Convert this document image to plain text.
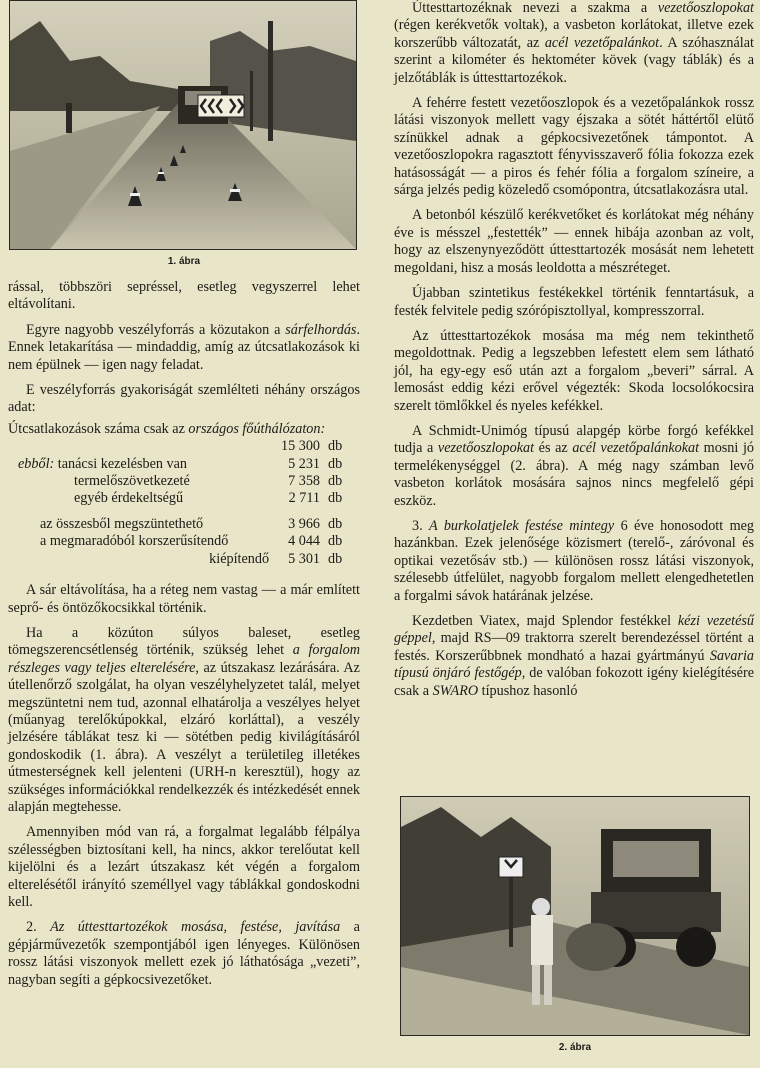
1. ábra

rással, többszöri sepréssel, esetleg vegyszerrel lehet eltávolítani.

Egyre nagyobb veszélyforrás a közutakon a sárfelhordás. Ennek letakarítása — mindaddig, amíg az útcsatlakozások ki nem épülnek — igen nagy feladat.

E veszélyforrás gyakoriságát szemlélteti néhány országos adat:

Útcsatlakozások száma csak az országos főúthálózaton:		
	15 300	db
ebből: tanácsi kezelésben van	5 231	db
termelőszövetkezeté	7 358	db
egyéb érdekeltségű	2 711	db

az összesből megszüntethető	3 966	db
a megmaradóból korszerűsítendő	4 044	db
kiépítendő	5 301	db

A sár eltávolítása, ha a réteg nem vastag — a már említett seprő- és öntözőkocsikkal történik.

Ha a közúton súlyos baleset, esetleg tömegszerencsétlenség történik, szükség lehet a forgalom részleges vagy teljes elterelésére, az útszakasz lezárására. Az útellenőrző szolgálat, ha olyan veszélyhelyzetet talál, melyet megszüntetni nem tud, azonnal elhatárolja a veszélyes helyet (műanyag terelőkúpokkal, elzáró korláttal), a veszély jelzésére táblákat tesz ki — sötétben pedig kivilágításáról gondoskodik (1. ábra). A veszélyt a területileg illetékes útmesterségnek kell jelenteni (URH-n keresztül), hogy az szükséges információkkal rendelkezzék és intézkedését ennek alapján megtehesse.

Amennyiben mód van rá, a forgalmat legalább félpálya szélességben biztosítani kell, ha nincs, akkor terelőutat kell kijelölni és a lezárt útszakasz két végén a forgalom elterelésétől irányító személlyel vagy táblákkal gondoskodni kell.

2. Az úttesttartozékok mosása, festése, javítása a gépjárművezetők szempontjából igen lényeges. Különösen rossz látási viszonyok mellett ezek jó láthatósága „vezeti”, nagyban segíti a gépkocsivezetőket.

Úttesttartozéknak nevezi a szakma a vezetőoszlopokat (régen kerékvetők voltak), a vasbeton korlátokat, illetve ezek korszerűbb változatát, az acél vezetőpalánkot. A szóhasználat szerint a kilométer és hektométer kövek (vagy táblák) és a jelzőtáblák is úttesttartozékok.

A fehérre festett vezetőoszlopok és a vezetőpalánkok rossz látási viszonyok mellett vagy éjszaka a sötét háttértől elütő színükkel adnak a gépkocsivezetőnek támpontot. A vezetőoszlopokra ragasztott fényvisszaverő fólia fokozza ezek hatásosságát — a piros és fehér fólia a forgalom színeire, a sárga jelzés pedig közeledő csomópontra, útcsatlakozásra utal.

A betonból készülő kerékvetőket és korlátokat még néhány éve is mésszel „festették” — ennek hibája azonban az volt, hogy az elszenynyeződött úttesttartozék mosását nem lehetett megoldani, hisz a mosás leoldotta a mészréteget.

Újabban szintetikus festékekkel történik fenntartásuk, a festék felvitele pedig szórópisztollyal, kompresszorral.

Az úttesttartozékok mosása ma még nem tekinthető megoldottnak. Pedig a legszebben lefestett elem sem látható jól, ha egy-egy eső után azt a forgalom „beveri” sárral. A lemosást eddig kézi erővel végezték: Skoda locsolókocsira szerelt tömlőkkel és nyeles kefékkel.

A Schmidt-Unimóg típusú alapgép körbe forgó kefékkel tudja a vezetőoszlopokat és az acél vezetőpalánkokat mosni jó termelékenységgel (2. ábra). A még nagy számban levő vasbeton korlátok mosására sajnos nincs megfelelő gépi eszköz.

3. A burkolatjelek festése mintegy 6 éve honosodott meg hazánkban. Ezek jelenősége közismert (terelő-, záróvonal és optikai vezetősáv stb.) — különösen rossz látási viszonyok, szélesebb útfelület, nagyobb forgalom mellett elengedhetetlen a forgalmi sávok határának jelzése.

Kezdetben Viatex, majd Splendor festékkel kézi vezetésű géppel, majd RS—09 traktorra szerelt berendezéssel történt a festés. Korszerűbbnek mondható a hazai gyártmányú Savaria típusú önjáró festőgép, de valóban fokozott igény kielégítésére csak a SWARO típushoz hasonló

2. ábra
